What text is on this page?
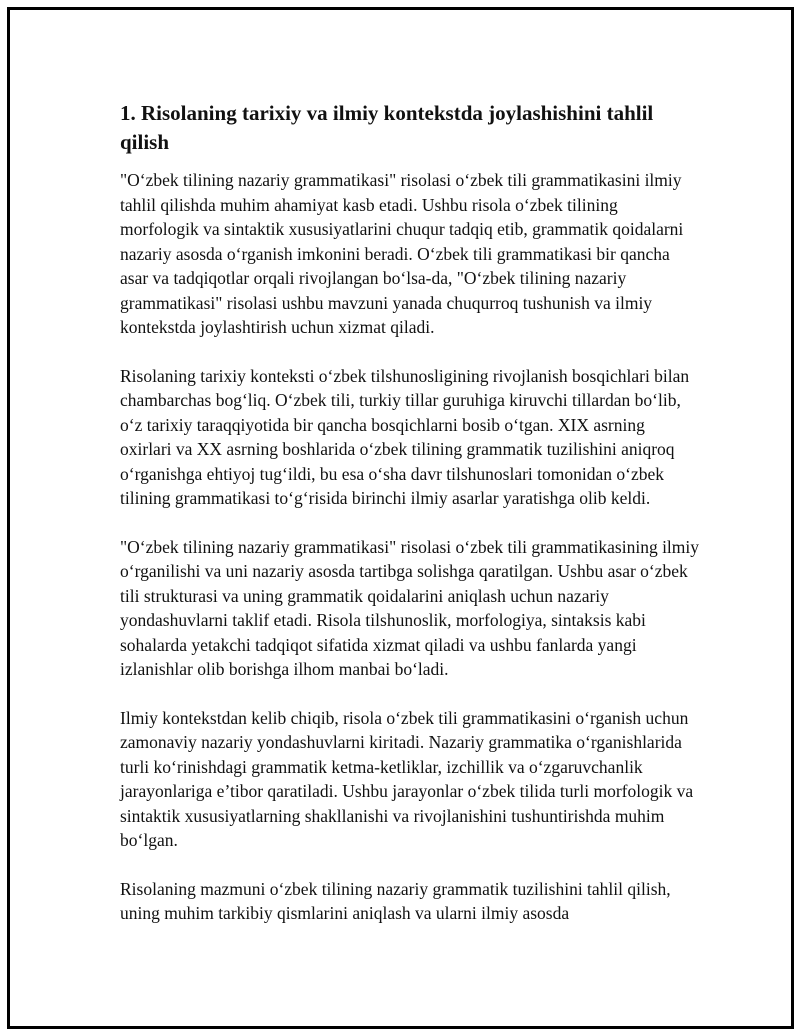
1. Risolaning tarixiy va ilmiy kontekstda joylashishini tahlil qilish

"O‘zbek tilining nazariy grammatikasi" risolasi o‘zbek tili grammatikasini ilmiy tahlil qilishda muhim ahamiyat kasb etadi. Ushbu risola o‘zbek tilining morfologik va sintaktik xususiyatlarini chuqur tadqiq etib, grammatik qoidalarni nazariy asosda o‘rganish imkonini beradi. O‘zbek tili grammatikasi bir qancha asar va tadqiqotlar orqali rivojlangan bo‘lsa-da, "O‘zbek tilining nazariy grammatikasi" risolasi ushbu mavzuni yanada chuqurroq tushunish va ilmiy kontekstda joylashtirish uchun xizmat qiladi.

Risolaning tarixiy konteksti o‘zbek tilshunosligining rivojlanish bosqichlari bilan chambarchas bog‘liq. O‘zbek tili, turkiy tillar guruhiga kiruvchi tillardan bo‘lib, o‘z tarixiy taraqqiyotida bir qancha bosqichlarni bosib o‘tgan. XIX asrning oxirlari va XX asrning boshlarida o‘zbek tilining grammatik tuzilishini aniqroq o‘rganishga ehtiyoj tug‘ildi, bu esa o‘sha davr tilshunoslari tomonidan o‘zbek tilining grammatikasi to‘g‘risida birinchi ilmiy asarlar yaratishga olib keldi.

"O‘zbek tilining nazariy grammatikasi" risolasi o‘zbek tili grammatikasining ilmiy o‘rganilishi va uni nazariy asosda tartibga solishga qaratilgan. Ushbu asar o‘zbek tili strukturasi va uning grammatik qoidalarini aniqlash uchun nazariy yondashuvlarni taklif etadi. Risola tilshunoslik, morfologiya, sintaksis kabi sohalarda yetakchi tadqiqot sifatida xizmat qiladi va ushbu fanlarda yangi izlanishlar olib borishga ilhom manbai bo‘ladi.

Ilmiy kontekstdan kelib chiqib, risola o‘zbek tili grammatikasini o‘rganish uchun zamonaviy nazariy yondashuvlarni kiritadi. Nazariy grammatika o‘rganishlarida turli ko‘rinishdagi grammatik ketma-ketliklar, izchillik va o‘zgaruvchanlik jarayonlariga e’tibor qaratiladi. Ushbu jarayonlar o‘zbek tilida turli morfologik va sintaktik xususiyatlarning shakllanishi va rivojlanishini tushuntirishda muhim bo‘lgan.

Risolaning mazmuni o‘zbek tilining nazariy grammatik tuzilishini tahlil qilish, uning muhim tarkibiy qismlarini aniqlash va ularni ilmiy asosda
